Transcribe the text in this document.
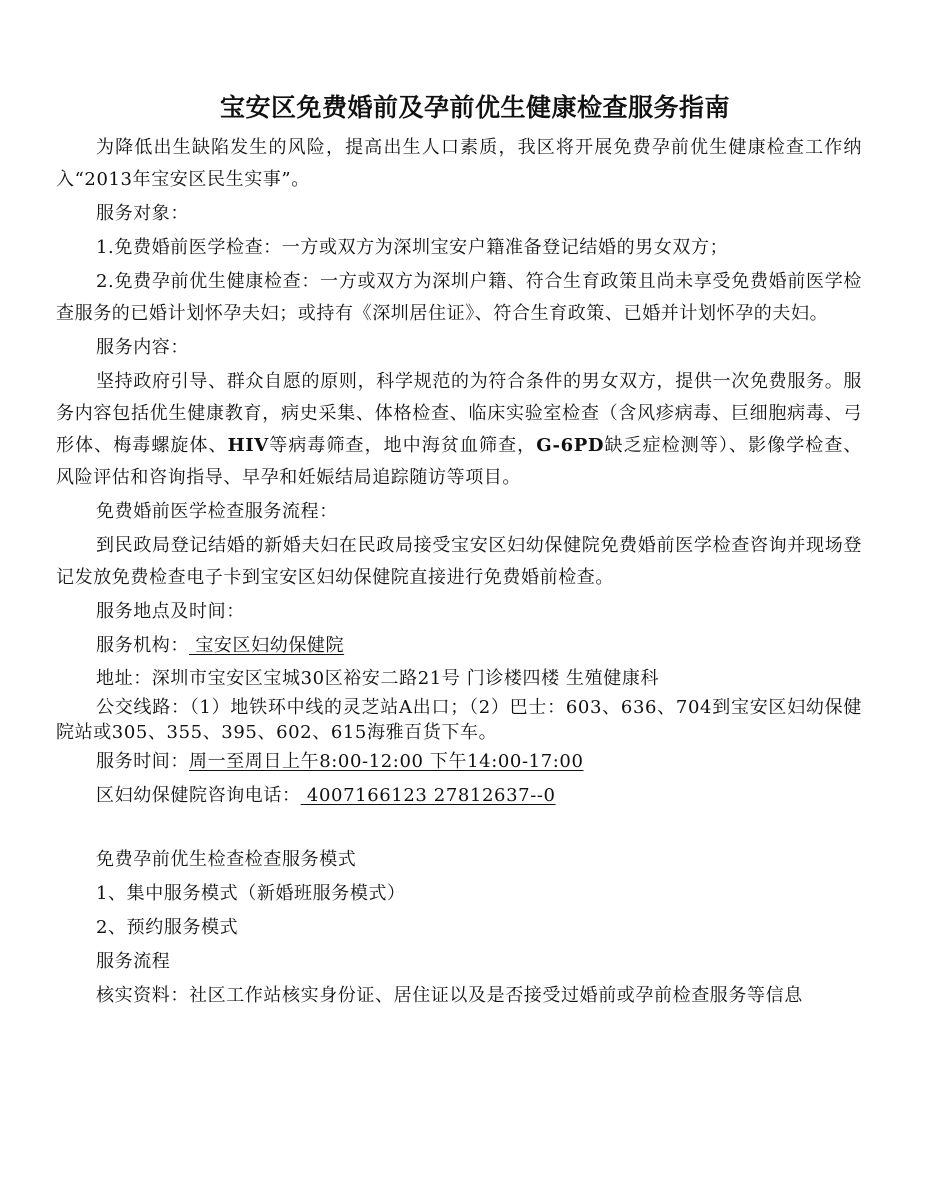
宝安区免费婚前及孕前优生健康检查服务指南

为降低出生缺陷发生的风险，提高出生人口素质，我区将开展免费孕前优生健康检查工作纳入“2013年宝安区民生实事”。

服务对象：

1.免费婚前医学检查：一方或双方为深圳宝安户籍准备登记结婚的男女双方；

2.免费孕前优生健康检查：一方或双方为深圳户籍、符合生育政策且尚未享受免费婚前医学检查服务的已婚计划怀孕夫妇；或持有《深圳居住证》、符合生育政策、已婚并计划怀孕的夫妇。

服务内容：

坚持政府引导、群众自愿的原则，科学规范的为符合条件的男女双方，提供一次免费服务。服务内容包括优生健康教育，病史采集、体格检查、临床实验室检查（含风疹病毒、巨细胞病毒、弓形体、梅毒螺旋体、HIV等病毒筛查，地中海贫血筛查，G-6PD缺乏症检测等）、影像学检查、风险评估和咨询指导、早孕和妊娠结局追踪随访等项目。

免费婚前医学检查服务流程：

到民政局登记结婚的新婚夫妇在民政局接受宝安区妇幼保健院免费婚前医学检查咨询并现场登记发放免费检查电子卡到宝安区妇幼保健院直接进行免费婚前检查。

服务地点及时间：

服务机构： 宝安区妇幼保健院

地址：深圳市宝安区宝城30区裕安二路21号 门诊楼四楼 生殖健康科

公交线路：（1）地铁环中线的灵芝站A出口；（2）巴士：603、636、704到宝安区妇幼保健院站或305、355、395、602、615海雅百货下车。

服务时间：周一至周日上午8:00-12:00 下午14:00-17:00

区妇幼保健院咨询电话： 4007166123 27812637--0

免费孕前优生检查检查服务模式

1、集中服务模式（新婚班服务模式）

2、预约服务模式

服务流程

核实资料：社区工作站核实身份证、居住证以及是否接受过婚前或孕前检查服务等信息
